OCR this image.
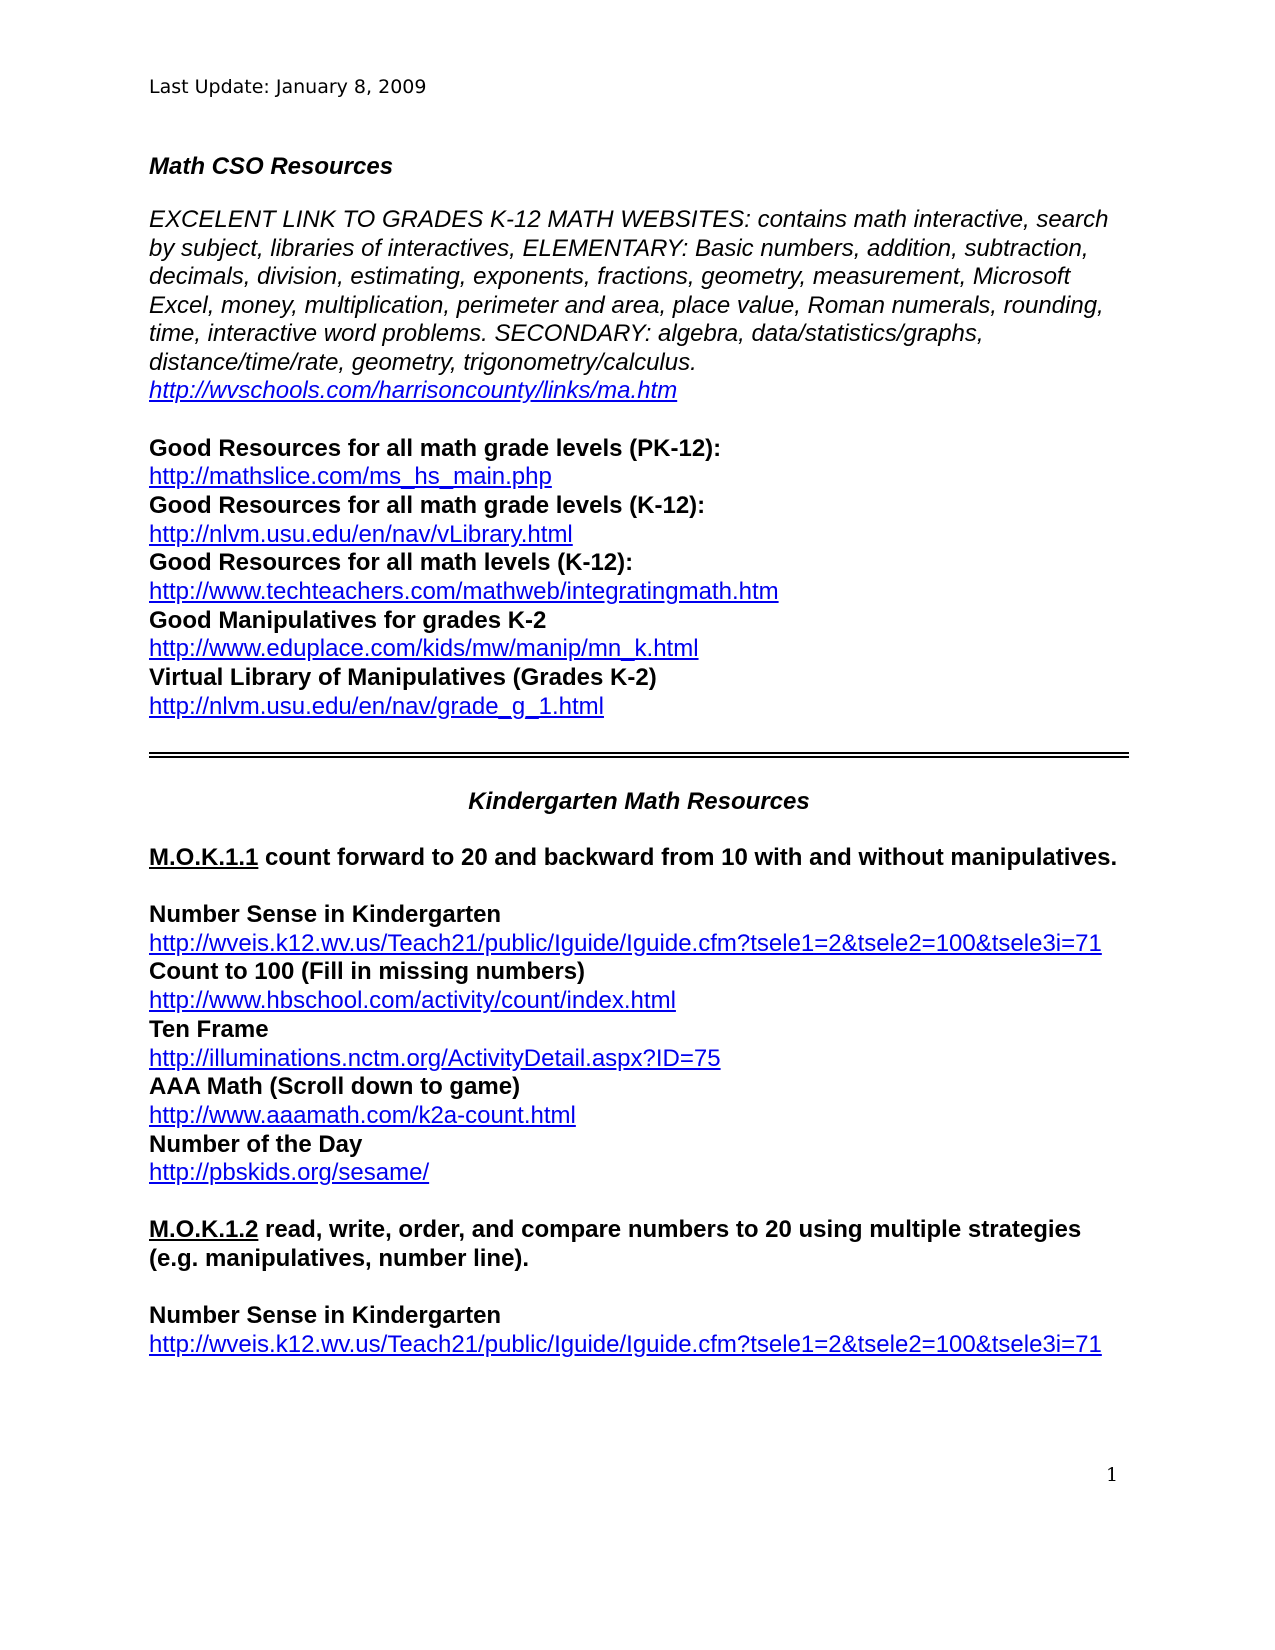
Last Update: January 8, 2009
Math CSO Resources
EXCELENT LINK TO GRADES K-12 MATH WEBSITES: contains math interactive, search by subject, libraries of interactives, ELEMENTARY: Basic numbers, addition, subtraction, decimals, division, estimating, exponents, fractions, geometry, measurement, Microsoft Excel, money, multiplication, perimeter and area, place value, Roman numerals, rounding, time, interactive word problems. SECONDARY: algebra, data/statistics/graphs, distance/time/rate, geometry, trigonometry/calculus.
http://wvschools.com/harrisoncounty/links/ma.htm
Good Resources for all math grade levels (PK-12):
http://mathslice.com/ms_hs_main.php
Good Resources for all math grade levels (K-12):
http://nlvm.usu.edu/en/nav/vLibrary.html
Good Resources for all math levels (K-12):
http://www.techteachers.com/mathweb/integratingmath.htm
Good Manipulatives for grades K-2
http://www.eduplace.com/kids/mw/manip/mn_k.html
Virtual Library of Manipulatives (Grades K-2)
http://nlvm.usu.edu/en/nav/grade_g_1.html
Kindergarten Math Resources
M.O.K.1.1 count forward to 20 and backward from 10 with and without manipulatives.
Number Sense in Kindergarten
http://wveis.k12.wv.us/Teach21/public/Iguide/Iguide.cfm?tsele1=2&tsele2=100&tsele3i=71
Count to 100 (Fill in missing numbers)
http://www.hbschool.com/activity/count/index.html
Ten Frame
http://illuminations.nctm.org/ActivityDetail.aspx?ID=75
AAA Math (Scroll down to game)
http://www.aaamath.com/k2a-count.html
Number of the Day
http://pbskids.org/sesame/
M.O.K.1.2 read, write, order, and compare numbers to 20 using multiple strategies (e.g. manipulatives, number line).
Number Sense in Kindergarten
http://wveis.k12.wv.us/Teach21/public/Iguide/Iguide.cfm?tsele1=2&tsele2=100&tsele3i=71
1
